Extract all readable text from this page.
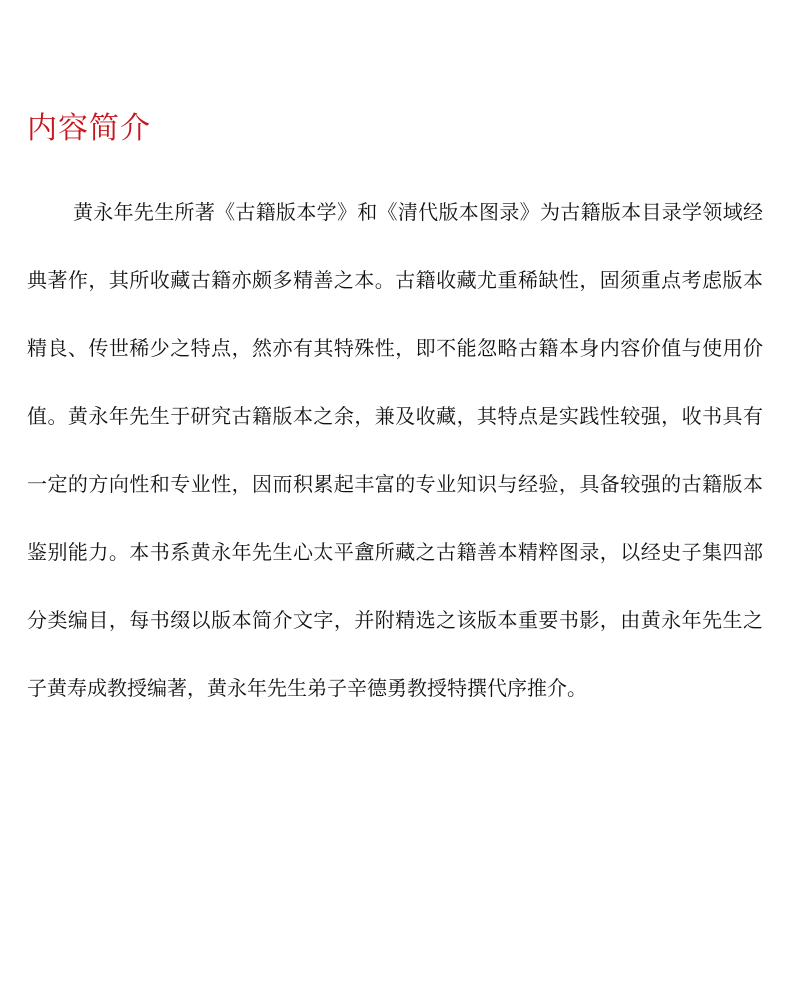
内容简介

黄永年先生所著《古籍版本学》和《清代版本图录》为古籍版本目录学领域经典著作，其所收藏古籍亦颇多精善之本。古籍收藏尤重稀缺性，固须重点考虑版本精良、传世稀少之特点，然亦有其特殊性，即不能忽略古籍本身内容价值与使用价值。黄永年先生于研究古籍版本之余，兼及收藏，其特点是实践性较强，收书具有一定的方向性和专业性，因而积累起丰富的专业知识与经验，具备较强的古籍版本鉴别能力。本书系黄永年先生心太平盦所藏之古籍善本精粹图录，以经史子集四部分类编目，每书缀以版本简介文字，并附精选之该版本重要书影，由黄永年先生之子黄寿成教授编著，黄永年先生弟子辛德勇教授特撰代序推介。
